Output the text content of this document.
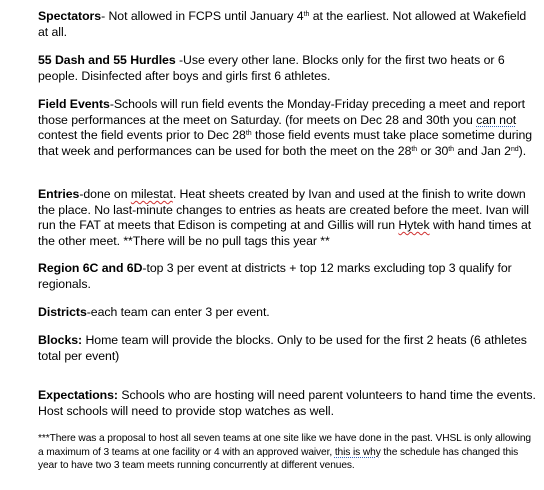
Spectators- Not allowed in FCPS until January 4th at the earliest. Not allowed at Wakefield at all.

55 Dash and 55 Hurdles -Use every other lane. Blocks only for the first two heats or 6 people. Disinfected after boys and girls first 6 athletes.

Field Events-Schools will run field events the Monday-Friday preceding a meet and report those performances at the meet on Saturday. (for meets on Dec 28 and 30th you can not contest the field events prior to Dec 28th those field events must take place sometime during that week and performances can be used for both the meet on the 28th or 30th and Jan 2nd).

Entries-done on milestat. Heat sheets created by Ivan and used at the finish to write down the place. No last-minute changes to entries as heats are created before the meet. Ivan will run the FAT at meets that Edison is competing at and Gillis will run Hytek with hand times at the other meet. **There will be no pull tags this year **

Region 6C and 6D-top 3 per event at districts + top 12 marks excluding top 3 qualify for regionals.

Districts-each team can enter 3 per event.

Blocks: Home team will provide the blocks. Only to be used for the first 2 heats (6 athletes total per event)

Expectations: Schools who are hosting will need parent volunteers to hand time the events. Host schools will need to provide stop watches as well.

***There was a proposal to host all seven teams at one site like we have done in the past. VHSL is only allowing a maximum of 3 teams at one facility or 4 with an approved waiver, this is why the schedule has changed this year to have two 3 team meets running concurrently at different venues.
